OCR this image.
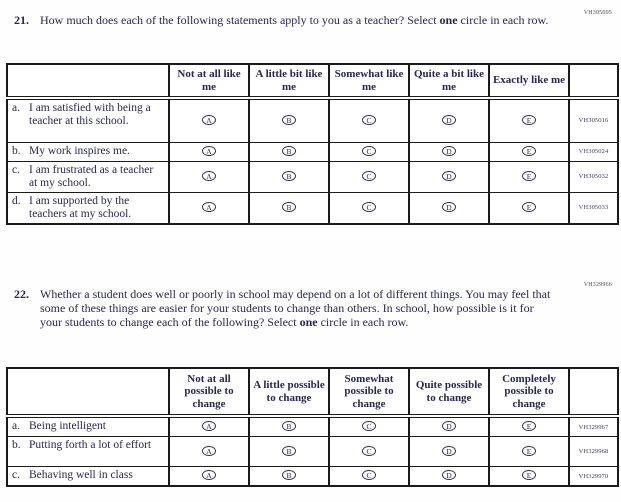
VH305005
21. How much does each of the following statements apply to you as a teacher? Select one circle in each row.
	Not at all like me	A little bit like me	Somewhat like me	Quite a bit like me	Exactly like me	
a. I am satisfied with being a teacher at this school.	A	B	C	D	E	VH305016
b. My work inspires me.	A	B	C	D	E	VH305024
c. I am frustrated as a teacher at my school.	A	B	C	D	E	VH305032
d. I am supported by the teachers at my school.	A	B	C	D	E	VH305033
VH329966
22. Whether a student does well or poorly in school may depend on a lot of different things. You may feel that some of these things are easier for your students to change than others. In school, how possible is it for your students to change each of the following? Select one circle in each row.
	Not at all possible to change	A little possible to change	Somewhat possible to change	Quite possible to change	Completely possible to change	
a. Being intelligent	A	B	C	D	E	VH329967
b. Putting forth a lot of effort	A	B	C	D	E	VH329968
c. Behaving well in class	A	B	C	D	E	VH329970
